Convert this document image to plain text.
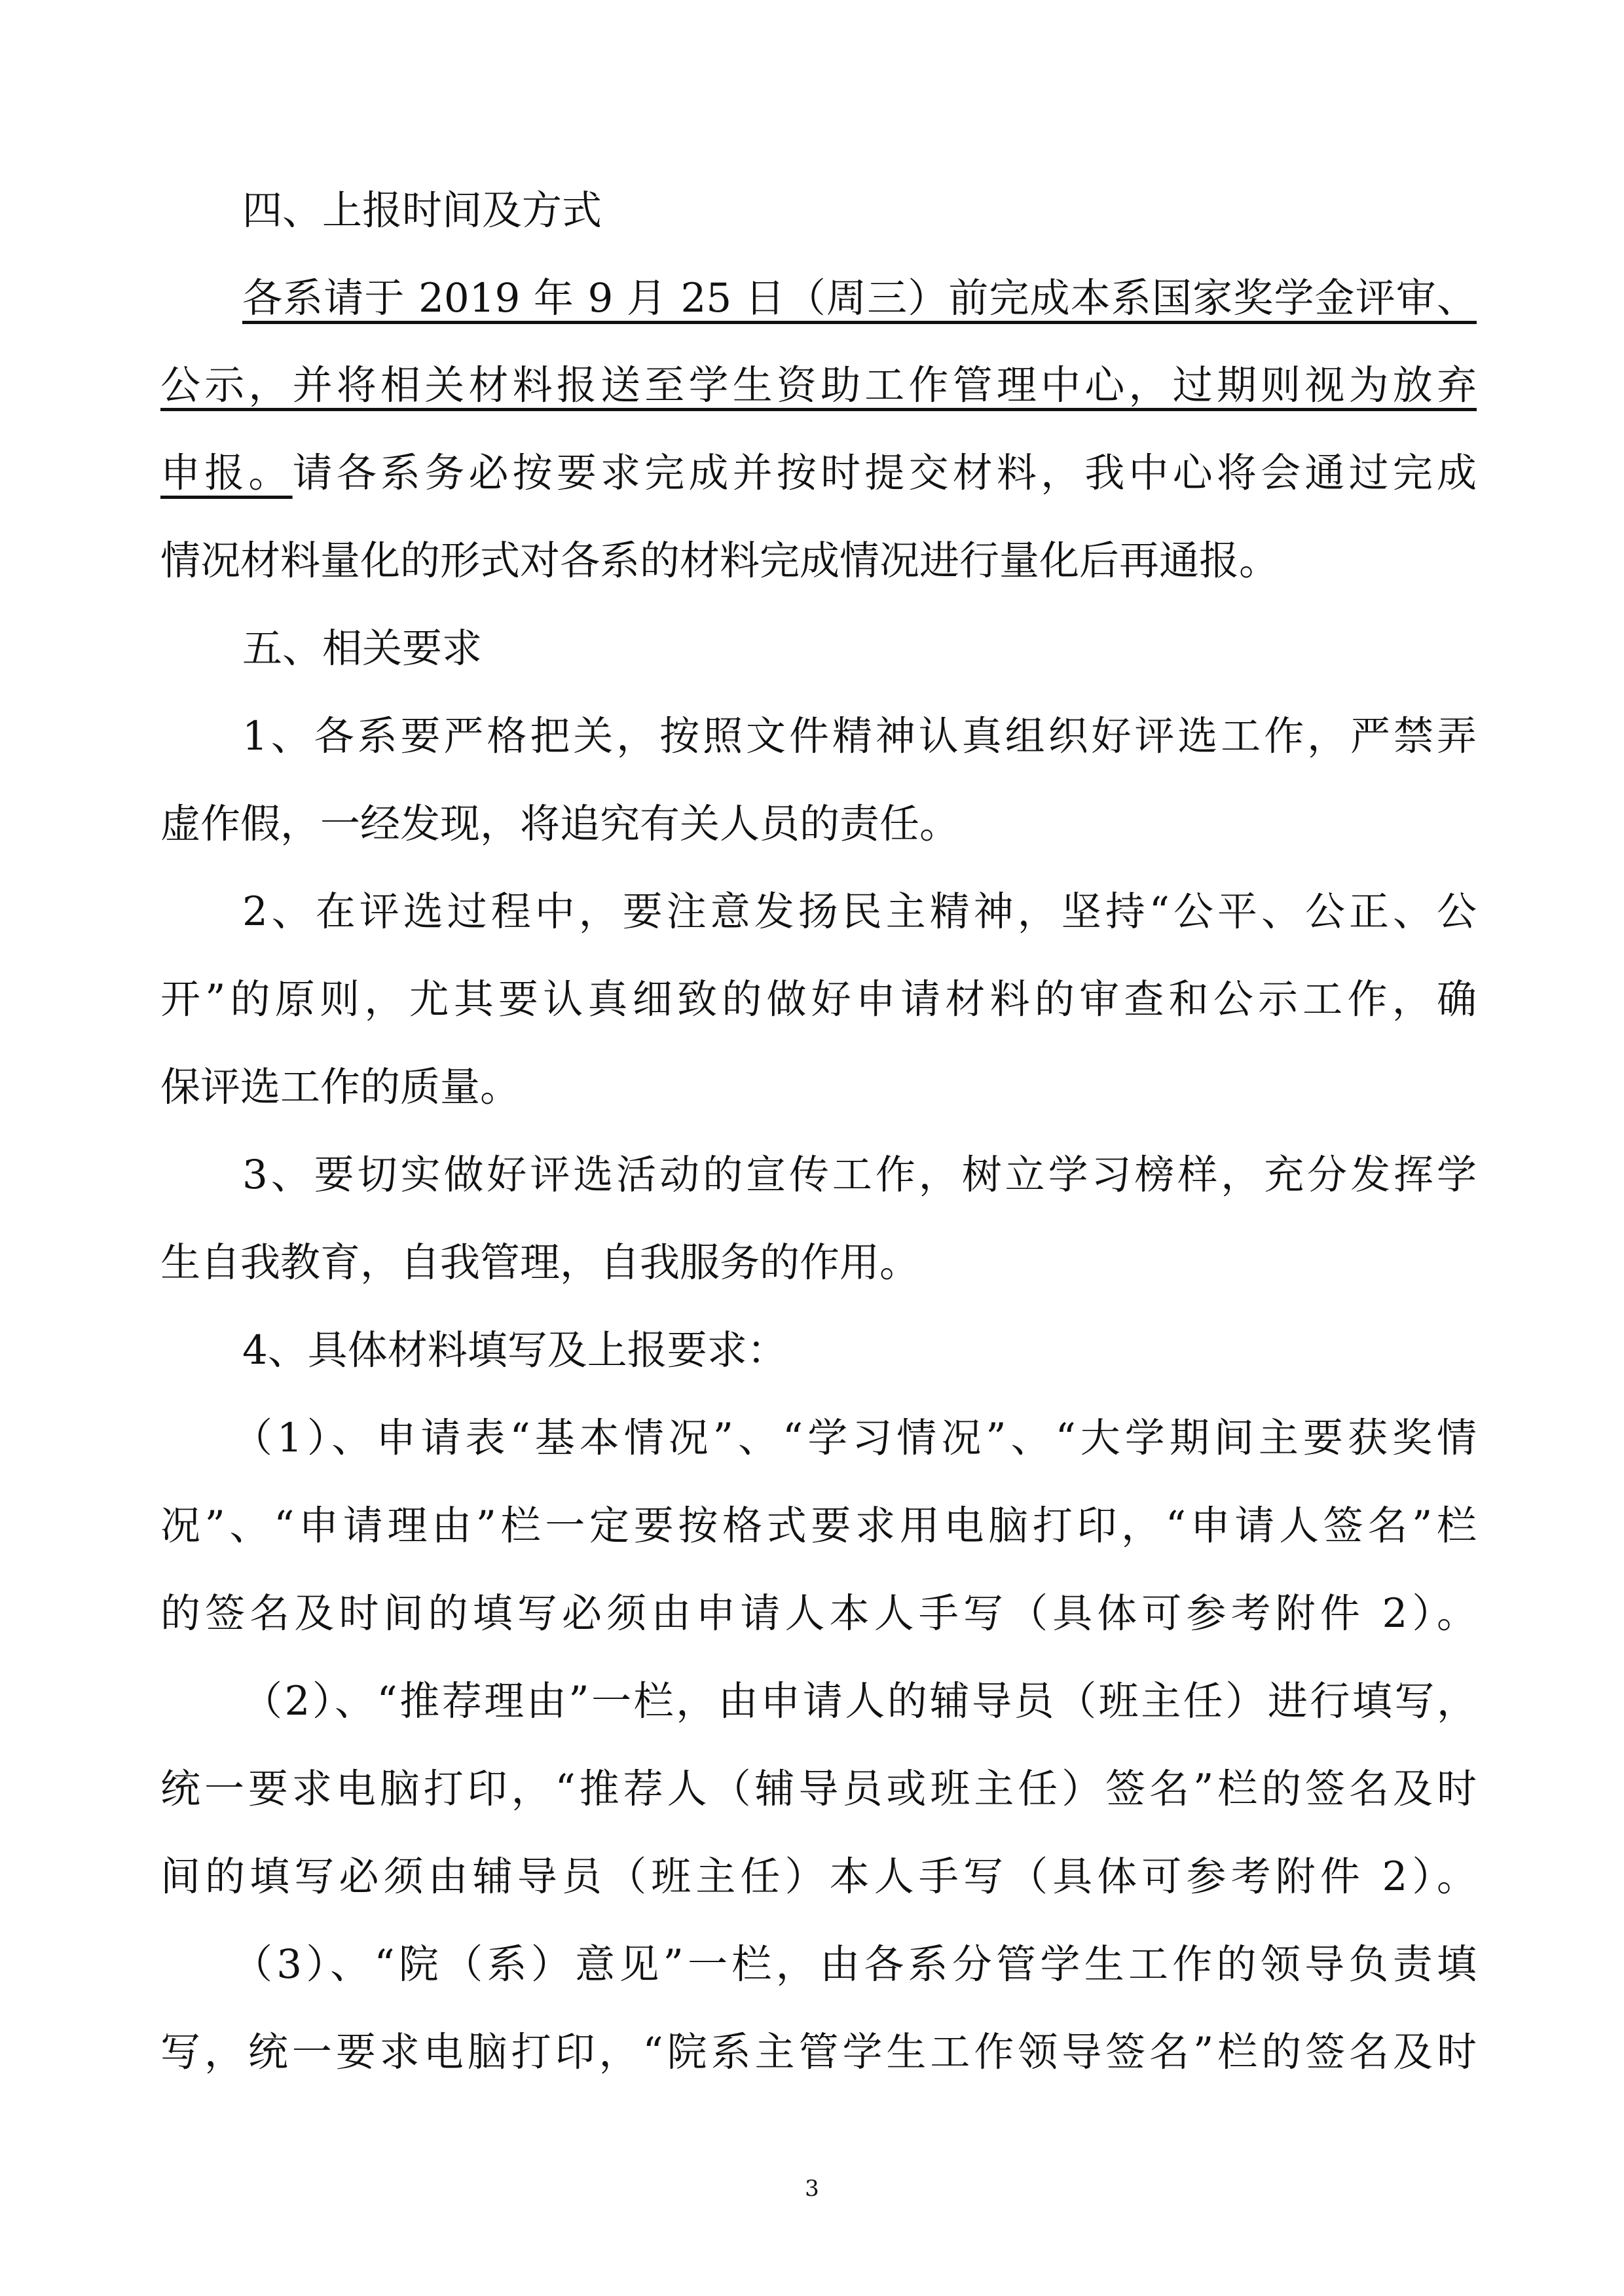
四、上报时间及方式
各系请于 2019 年 9 月 25 日（周三）前完成本系国家奖学金评审、
公示，并将相关材料报送至学生资助工作管理中心，过期则视为放弃
申报。请各系务必按要求完成并按时提交材料，我中心将会通过完成
情况材料量化的形式对各系的材料完成情况进行量化后再通报。
五、相关要求
1、各系要严格把关，按照文件精神认真组织好评选工作，严禁弄
虚作假，一经发现，将追究有关人员的责任。
2、在评选过程中，要注意发扬民主精神，坚持“公平、公正、公
开”的原则，尤其要认真细致的做好申请材料的审查和公示工作，确
保评选工作的质量。
3、要切实做好评选活动的宣传工作，树立学习榜样，充分发挥学
生自我教育，自我管理，自我服务的作用。
4、具体材料填写及上报要求：
（1）、申请表“基本情况”、“学习情况”、“大学期间主要获奖情
况”、“申请理由”栏一定要按格式要求用电脑打印，“申请人签名”栏
的签名及时间的填写必须由申请人本人手写（具体可参考附件 2）。
（2）、“推荐理由”一栏，由申请人的辅导员（班主任）进行填写，
统一要求电脑打印，“推荐人（辅导员或班主任）签名”栏的签名及时
间的填写必须由辅导员（班主任）本人手写（具体可参考附件 2）。
（3）、“院（系）意见”一栏，由各系分管学生工作的领导负责填
写，统一要求电脑打印，“院系主管学生工作领导签名”栏的签名及时
3
